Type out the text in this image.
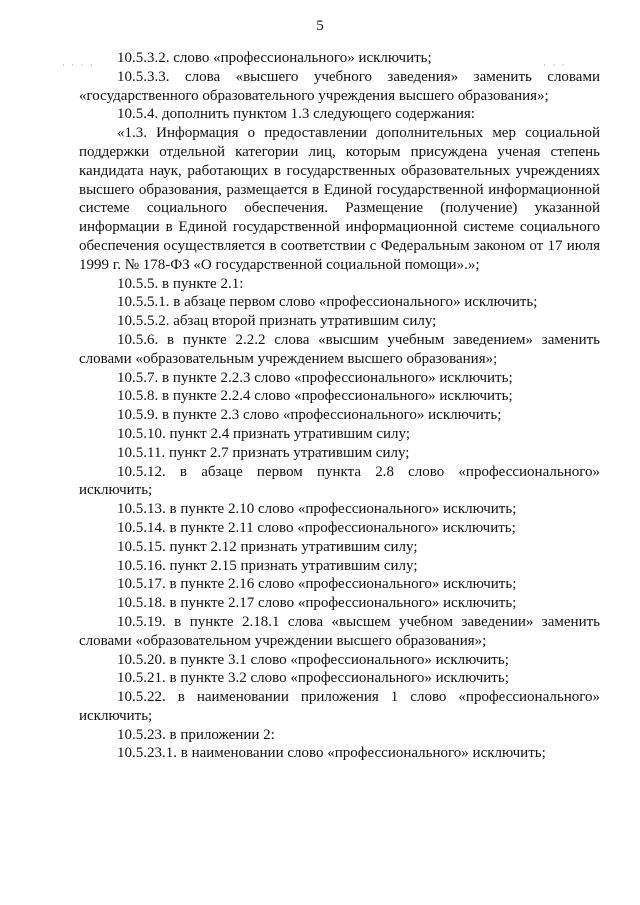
5
· · · ·	· · ·

10.5.3.2. слово «профессионального» исключить;

10.5.3.3. слова «высшего учебного заведения» заменить словами «государственного образовательного учреждения высшего образования»;

10.5.4. дополнить пунктом 1.3 следующего содержания:

«1.3. Информация о предоставлении дополнительных мер социальной поддержки отдельной категории лиц, которым присуждена ученая степень кандидата наук, работающих в государственных образовательных учреждениях высшего образования, размещается в Единой государственной информационной системе социального обеспечения. Размещение (получение) указанной информации в Единой государственной информационной системе социального обеспечения осуществляется в соответствии с Федеральным законом от 17 июля 1999 г. № 178-ФЗ «О государственной социальной помощи».»;

10.5.5. в пункте 2.1:

10.5.5.1. в абзаце первом слово «профессионального» исключить;

10.5.5.2. абзац второй признать утратившим силу;

10.5.6. в пункте 2.2.2 слова «высшим учебным заведением» заменить словами «образовательным учреждением высшего образования»;

10.5.7. в пункте 2.2.3 слово «профессионального» исключить;

10.5.8. в пункте 2.2.4 слово «профессионального» исключить;

10.5.9. в пункте 2.3 слово «профессионального» исключить;

10.5.10. пункт 2.4 признать утратившим силу;

10.5.11. пункт 2.7 признать утратившим силу;

10.5.12. в абзаце первом пункта 2.8 слово «профессионального» исключить;

10.5.13. в пункте 2.10 слово «профессионального» исключить;

10.5.14. в пункте 2.11 слово «профессионального» исключить;

10.5.15. пункт 2.12 признать утратившим силу;

10.5.16. пункт 2.15 признать утратившим силу;

10.5.17. в пункте 2.16 слово «профессионального» исключить;

10.5.18. в пункте 2.17 слово «профессионального» исключить;

10.5.19. в пункте 2.18.1 слова «высшем учебном заведении» заменить словами «образовательном учреждении высшего образования»;

10.5.20. в пункте 3.1 слово «профессионального» исключить;

10.5.21. в пункте 3.2 слово «профессионального» исключить;

10.5.22. в наименовании приложения 1 слово «профессионального» исключить;

10.5.23. в приложении 2:

10.5.23.1. в наименовании слово «профессионального» исключить;
